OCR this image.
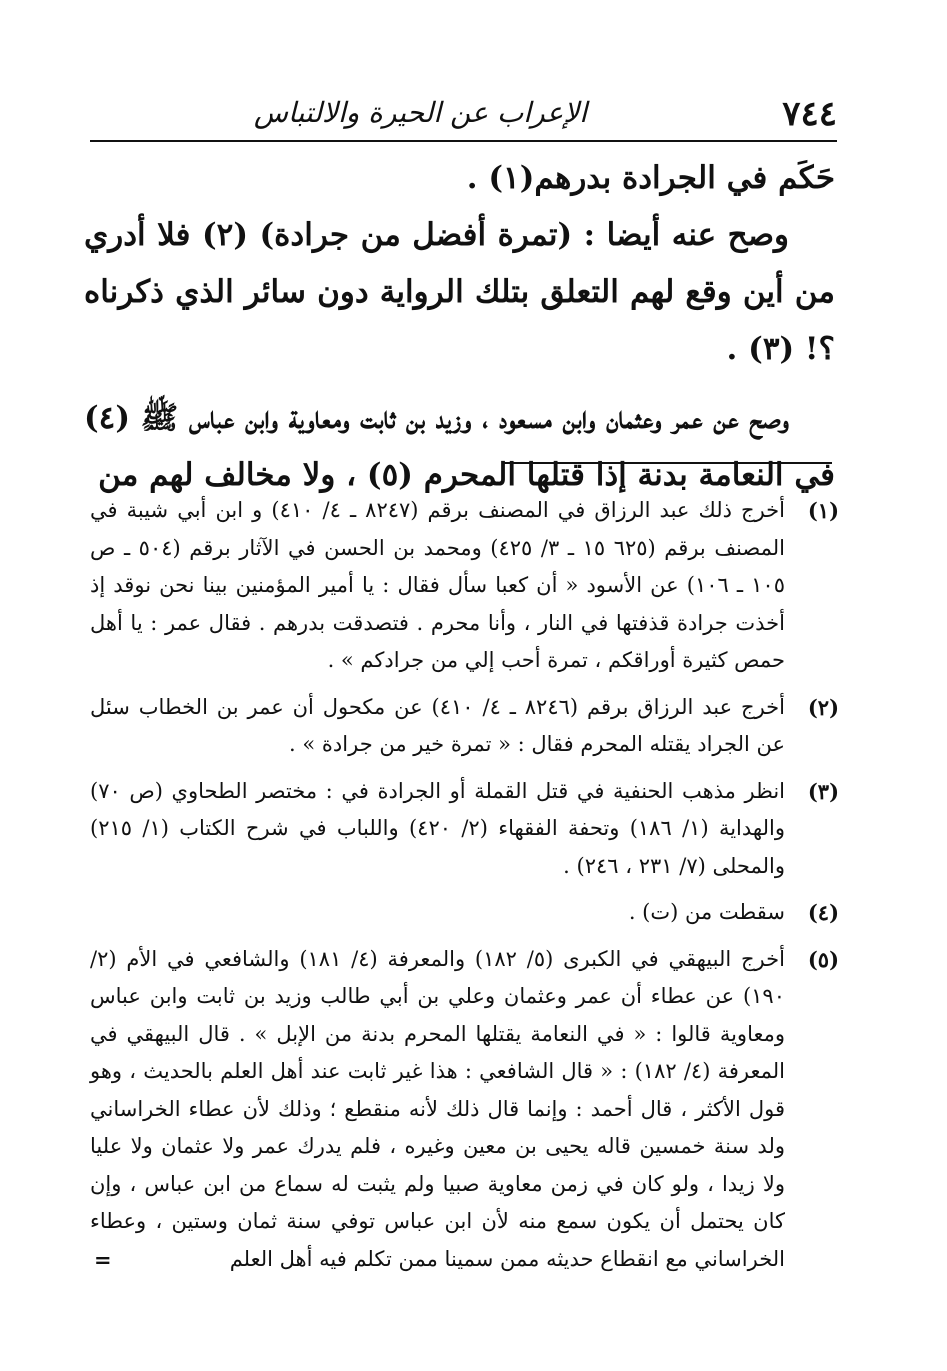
٧٤٤
الإعراب عن الحيرة والالتباس

حَكَم في الجرادة بدرهم(١) .

وصح عنه أيضا : (تمرة أفضل من جرادة) (٢) فلا أدري من أين وقع لهم التعلق بتلك الرواية دون سائر الذي ذكرناه ؟! (٣) .

وصح عن عمر وعثمان وابن مسعود ، وزيد بن ثابت ومعاوية وابن عباس ﷺ (٤) في النعامة بدنة إذا قتلها المحرم (٥) ، ولا مخالف لهم من

(١)
أخرج ذلك عبد الرزاق في المصنف برقم (٨٢٤٧ ـ ٤/ ٤١٠) و ابن أبي شيبة في المصنف برقم (٦٢٥ ١٥ ـ ٣/ ٤٢٥) ومحمد بن الحسن في الآثار برقم (٥٠٤ ـ ص ١٠٥ ـ ١٠٦) عن الأسود « أن كعبا سأل فقال : يا أمير المؤمنين بينا نحن نوقد إذ أخذت جرادة قذفتها في النار ، وأنا محرم . فتصدقت بدرهم . فقال عمر : يا أهل حمص كثيرة أوراقكم ، تمرة أحب إلي من جرادكم » .
(٢)
أخرج عبد الرزاق برقم (٨٢٤٦ ـ ٤/ ٤١٠) عن مكحول أن عمر بن الخطاب سئل عن الجراد يقتله المحرم فقال : « تمرة خير من جرادة » .
(٣)
انظر مذهب الحنفية في قتل القملة أو الجرادة في : مختصر الطحاوي (ص ٧٠) والهداية (١/ ١٨٦) وتحفة الفقهاء (٢/ ٤٢٠) واللباب في شرح الكتاب (١/ ٢١٥) والمحلى (٧/ ٢٣١ ، ٢٤٦) .
(٤)
سقطت من (ت) .
(٥)
أخرج البيهقي في الكبرى (٥/ ١٨٢) والمعرفة (٤/ ١٨١) والشافعي في الأم (٢/ ١٩٠) عن عطاء أن عمر وعثمان وعلي بن أبي طالب وزيد بن ثابت وابن عباس ومعاوية قالوا : « في النعامة يقتلها المحرم بدنة من الإبل » . قال البيهقي في المعرفة (٤/ ١٨٢) : « قال الشافعي : هذا غير ثابت عند أهل العلم بالحديث ، وهو قول الأكثر ، قال أحمد : وإنما قال ذلك لأنه منقطع ؛ وذلك لأن عطاء الخراساني ولد سنة خمسين قاله يحيى بن معين وغيره ، فلم يدرك عمر ولا عثمان ولا عليا ولا زيدا ، ولو كان في زمن معاوية صبيا ولم يثبت له سماع من ابن عباس ، وإن كان يحتمل أن يكون سمع منه لأن ابن عباس توفي سنة ثمان وستين ، وعطاء الخراساني مع انقطاع حديثه ممن سمينا ممن تكلم فيه أهل العلم
=
